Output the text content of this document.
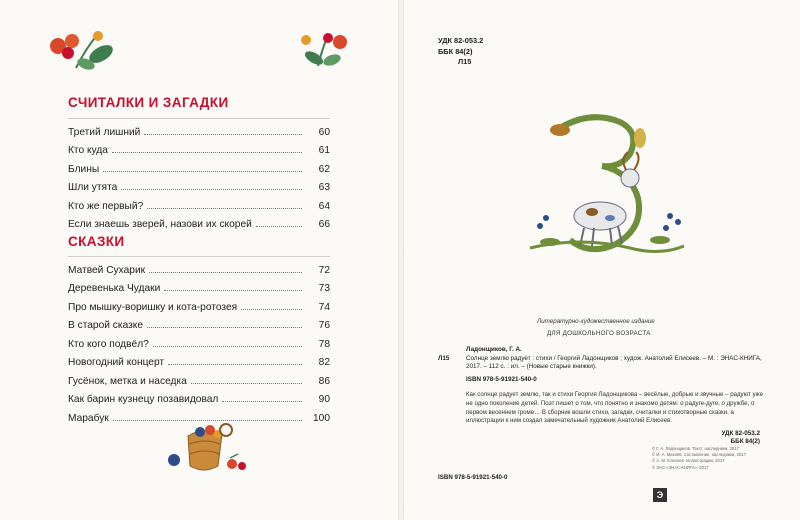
СЧИТАЛКИ И ЗАГАДКИ
Третий лишний	60
Кто куда	61
Блины	62
Шли утята	63
Кто же первый?	64
Если знаешь зверей, назови их скорей	66
СКАЗКИ
Матвей Сухарик	72
Деревенька Чудаки	73
Про мышку-воришку и кота-ротозея	74
В старой сказке	76
Кто кого подвёл?	78
Новогодний концерт	82
Гусёнок, метка и наседка	86
Как барин кузнецу позавидовал	90
Марабук	100
УДК 82-053.2
ББК 84(2)
Л15
Литературно-художественное издание
ДЛЯ ДОШКОЛЬНОГО ВОЗРАСТА
Ладонщиков, Г. А.
Л15	Солнце землю радует : стихи / Георгий Ладонщиков ; худож. Анатолий Елисеев. – М. : ЭНАС-КНИГА, 2017. – 112 с. : ил. – (Новые старые книжки).
ISBN 978-5-91921-540-0
Как солнце радует землю, так и стихи Георгия Ладонщикова – весёлые, добрые и звучные – радуют уже не одно поколение детей. Поэт пишет о том, что понятно и знакомо детям: о радуге-дуге, о дружбе, о первом весеннем громе… В сборник вошли стихи, загадки, считалки и стихотворные сказки, а иллюстрации к ним создал замечательный художник Анатолий Елисеев.
УДК 82-053.2
ББК 84(2)
© Г. А. Ладонщиков. Текст, наследники, 2017
© И. А. Махнёв. Составление, наследники, 2017
© А. М. Елисеев. Иллюстрации, 2017
© ЗАО «ЭНАС-КНИГА», 2017
ISBN 978-5-91921-540-0
Э
